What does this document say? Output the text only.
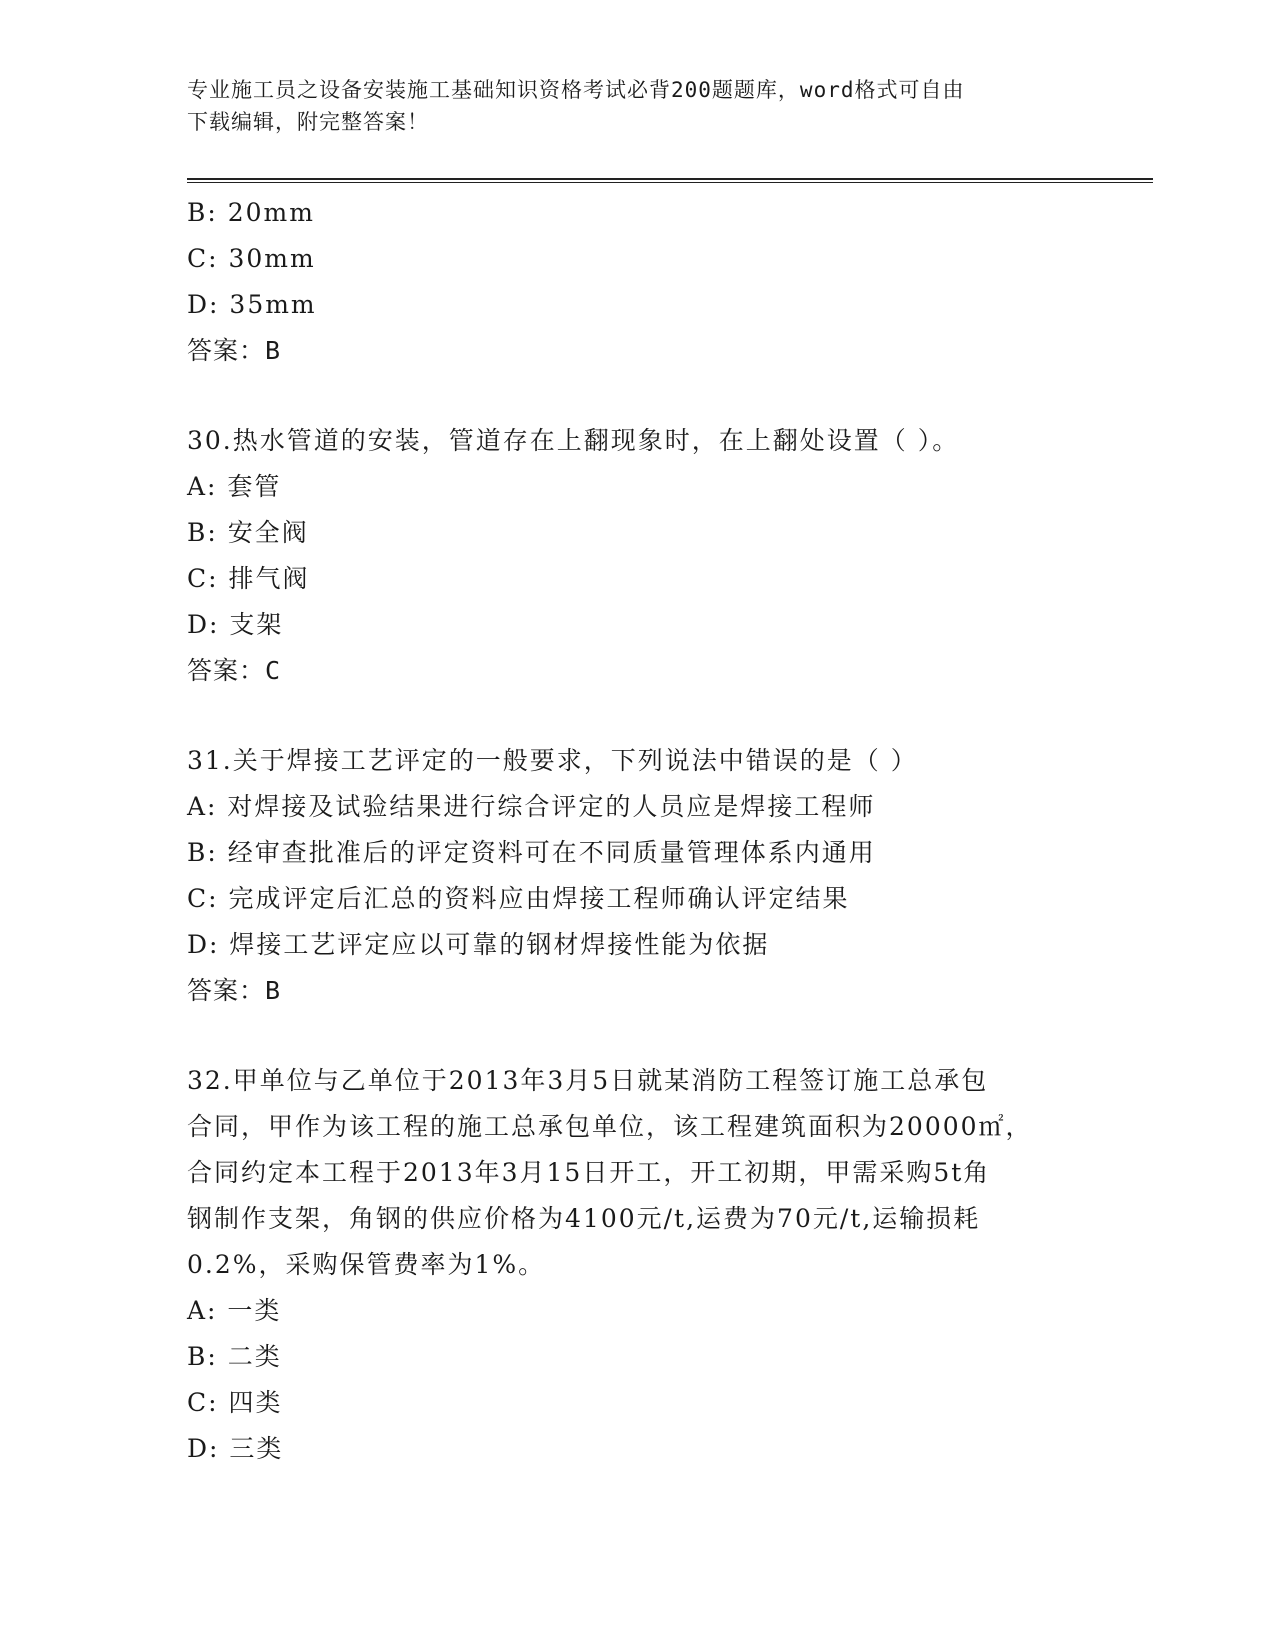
专业施工员之设备安装施工基础知识资格考试必背200题题库，word格式可自由
下载编辑，附完整答案！
B: 20mm
C: 30mm
D: 35mm
答案：B
30.热水管道的安装，管道存在上翻现象时，在上翻处设置（ ）。
A: 套管
B: 安全阀
C: 排气阀
D: 支架
答案：C
31.关于焊接工艺评定的一般要求，下列说法中错误的是（ ）
A: 对焊接及试验结果进行综合评定的人员应是焊接工程师
B: 经审查批准后的评定资料可在不同质量管理体系内通用
C: 完成评定后汇总的资料应由焊接工程师确认评定结果
D: 焊接工艺评定应以可靠的钢材焊接性能为依据
答案：B
32.甲单位与乙单位于2013年3月5日就某消防工程签订施工总承包
合同，甲作为该工程的施工总承包单位，该工程建筑面积为20000㎡，
合同约定本工程于2013年3月15日开工，开工初期，甲需采购5t角
钢制作支架，角钢的供应价格为4100元/t,运费为70元/t,运输损耗
0.2%，采购保管费率为1%。
A: 一类
B: 二类
C: 四类
D: 三类
